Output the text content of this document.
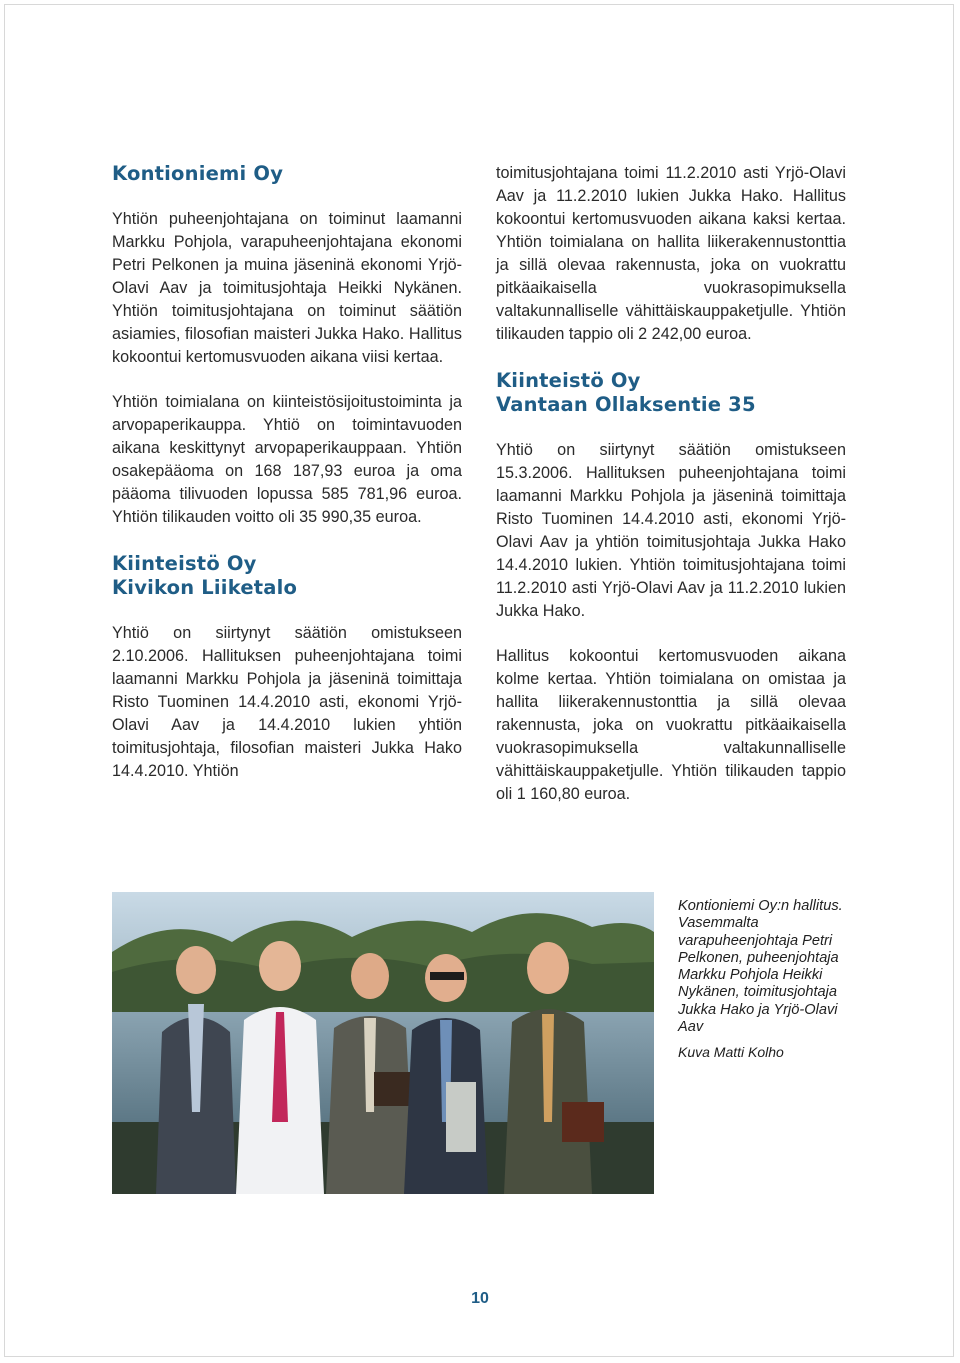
Kontioniemi Oy

Yhtiön puheenjohtajana on toiminut laamanni Markku Pohjola, varapuheenjohtajana ekonomi Petri Pelkonen ja muina jäseninä ekonomi Yrjö-Olavi Aav ja toimitusjohtaja Heikki Nykänen. Yhtiön toimitusjohtajana on toiminut säätiön asiamies, filosofian maisteri Jukka Hako. Hallitus kokoontui kertomusvuoden aikana viisi kertaa.

Yhtiön toimialana on kiinteistösijoitustoiminta ja arvopaperikauppa. Yhtiö on toimintavuoden aikana keskittynyt arvopaperikauppaan. Yhtiön osakepääoma on 168 187,93 euroa ja oma pääoma tilivuoden lopussa 585 781,96 euroa. Yhtiön tilikauden voitto oli 35 990,35 euroa.

Kiinteistö Oy
Kivikon Liiketalo

Yhtiö on siirtynyt säätiön omistukseen 2.10.2006. Hallituksen puheenjohtajana toimi laamanni Markku Pohjola ja jäseninä toimittaja Risto Tuominen 14.4.2010 asti, ekonomi Yrjö-Olavi Aav ja 14.4.2010 lukien yhtiön toimitusjohtaja, filosofian maisteri Jukka Hako 14.4.2010. Yhtiön

toimitusjohtajana toimi 11.2.2010 asti Yrjö-Olavi Aav ja 11.2.2010 lukien Jukka Hako. Hallitus kokoontui kertomusvuoden aikana kaksi kertaa. Yhtiön toimialana on hallita liikerakennustonttia ja sillä olevaa rakennusta, joka on vuokrattu pitkäaikaisella vuokrasopimuksella valtakunnalliselle vähittäiskauppaketjulle. Yhtiön tilikauden tappio oli 2 242,00 euroa.

Kiinteistö Oy
Vantaan Ollaksentie 35

Yhtiö on siirtynyt säätiön omistukseen 15.3.2006. Hallituksen puheenjohtajana toimi laamanni Markku Pohjola ja jäseninä toimittaja Risto Tuominen 14.4.2010 asti, ekonomi Yrjö-Olavi Aav ja yhtiön toimitusjohtaja Jukka Hako 14.4.2010 lukien. Yhtiön toimitusjohtajana toimi 11.2.2010 asti Yrjö-Olavi Aav ja 11.2.2010 lukien Jukka Hako.

Hallitus kokoontui kertomusvuoden aikana kolme kertaa. Yhtiön toimialana on omistaa ja hallita liikerakennustonttia ja sillä olevaa rakennusta, joka on vuokrattu pitkäaikaisella vuokrasopimuksella valtakunnalliselle vähittäiskauppaketjulle. Yhtiön tilikauden tappio oli 1 160,80 euroa.

Kontioniemi Oy:n hallitus. Vasemmalta varapuheenjohtaja Petri Pelkonen, puheenjohtaja Markku Pohjola Heikki Nykänen, toimitusjohtaja Jukka Hako ja Yrjö-Olavi Aav
Kuva Matti Kolho
10
